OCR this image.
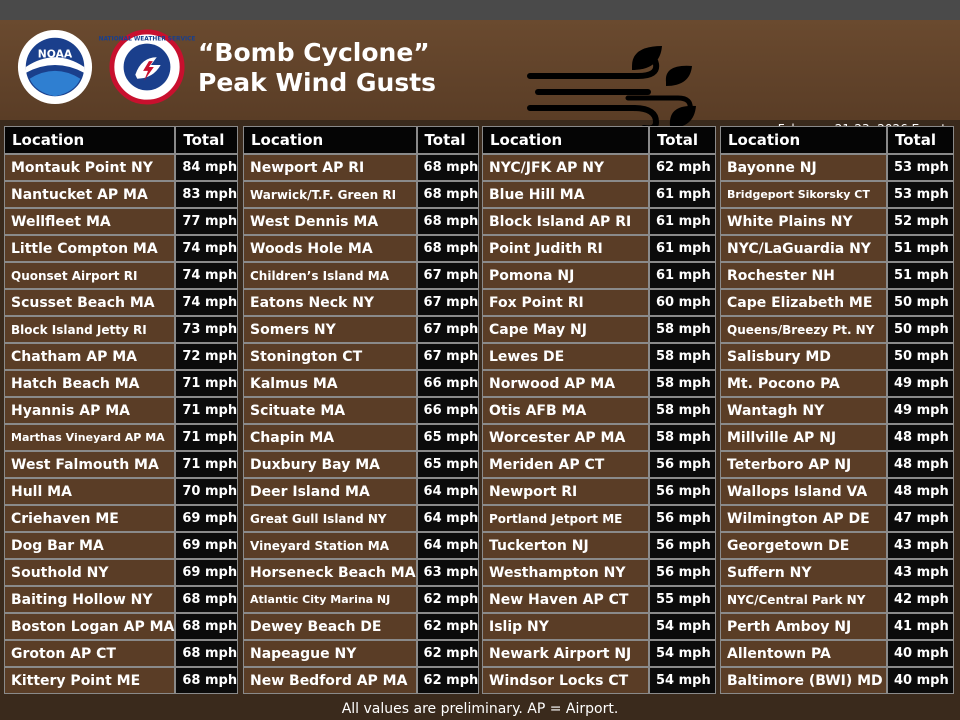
NOAA
NATIONAL WEATHER SERVICE “Bomb Cyclone”
Peak Wind Gusts
Location	Total
Montauk Point NY	84 mph
Nantucket AP MA	83 mph
Wellfleet MA	77 mph
Little Compton MA	74 mph
Quonset Airport RI	74 mph
Scusset Beach MA	74 mph
Block Island Jetty RI	73 mph
Chatham AP MA	72 mph
Hatch Beach MA	71 mph
Hyannis AP MA	71 mph
Marthas Vineyard AP MA	71 mph
West Falmouth MA	71 mph
Hull MA	70 mph
Criehaven ME	69 mph
Dog Bar MA	69 mph
Southold NY	69 mph
Baiting Hollow NY	68 mph
Boston Logan AP MA	68 mph
Groton AP CT	68 mph
Kittery Point ME	68 mph
Location	Total
Newport AP RI	68 mph
Warwick/T.F. Green RI	68 mph
West Dennis MA	68 mph
Woods Hole MA	68 mph
Children’s Island MA	67 mph
Eatons Neck NY	67 mph
Somers NY	67 mph
Stonington CT	67 mph
Kalmus MA	66 mph
Scituate MA	66 mph
Chapin MA	65 mph
Duxbury Bay MA	65 mph
Deer Island MA	64 mph
Great Gull Island NY	64 mph
Vineyard Station MA	64 mph
Horseneck Beach MA	63 mph
Atlantic City Marina NJ	62 mph
Dewey Beach DE	62 mph
Napeague NY	62 mph
New Bedford AP MA	62 mph
Location	Total
NYC/JFK AP NY	62 mph
Blue Hill MA	61 mph
Block Island AP RI	61 mph
Point Judith RI	61 mph
Pomona NJ	61 mph
Fox Point RI	60 mph
Cape May NJ	58 mph
Lewes DE	58 mph
Norwood AP MA	58 mph
Otis AFB MA	58 mph
Worcester AP MA	58 mph
Meriden AP CT	56 mph
Newport RI	56 mph
Portland Jetport ME	56 mph
Tuckerton NJ	56 mph
Westhampton NY	56 mph
New Haven AP CT	55 mph
Islip NY	54 mph
Newark Airport NJ	54 mph
Windsor Locks CT	54 mph
Location	Total
Bayonne NJ	53 mph
Bridgeport Sikorsky CT	53 mph
White Plains NY	52 mph
NYC/LaGuardia NY	51 mph
Rochester NH	51 mph
Cape Elizabeth ME	50 mph
Queens/Breezy Pt. NY	50 mph
Salisbury MD	50 mph
Mt. Pocono PA	49 mph
Wantagh NY	49 mph
Millville AP NJ	48 mph
Teterboro AP NJ	48 mph
Wallops Island VA	48 mph
Wilmington AP DE	47 mph
Georgetown DE	43 mph
Suffern NY	43 mph
NYC/Central Park NY	42 mph
Perth Amboy NJ	41 mph
Allentown PA	40 mph
Baltimore (BWI) MD	40 mph
All values are preliminary. AP = Airport.
